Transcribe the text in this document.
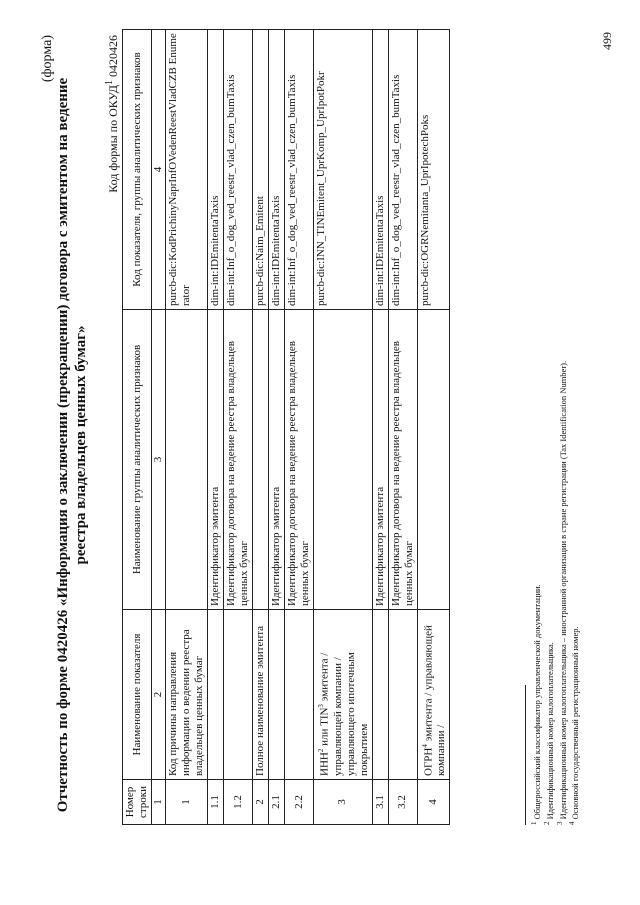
(форма)
Отчетность по форме 0420426 «Информация о заключении (прекращении) договора с эмитентом на ведение реестра владельцев ценных бумаг»
Код формы по ОКУД$^1$ 0420426
Номер строки	Наименование показателя	Наименование группы аналитических признаков	Код показателя, группы аналитических признаков
1	2	3	4
1	Код причины направления информации о ведении реестра владельцев ценных бумаг		purcb-dic:KodPrichinyNaprInfOVedenReestVladCZB Enumerator
1.1		Идентификатор эмитента	dim-int:IDEmitentaTaxis
1.2		Идентификатор договора на ведение реестра владельцев ценных бумаг	dim-int:Inf_o_dog_ved_reestr_vlad_czen_bumTaxis
2	Полное наименование эмитента		purcb-dic:Naim_Emitent
2.1		Идентификатор эмитента	dim-int:IDEmitentaTaxis
2.2		Идентификатор договора на ведение реестра владельцев ценных бумаг	dim-int:Inf_o_dog_ved_reestr_vlad_czen_bumTaxis
3	ИНН$^2$ или TIN$^3$ эмитента / управляющей компании / управляющего ипотечным покрытием		purcb-dic:INN_TINEmitent_UprKomp_UprIpotPokr
3.1		Идентификатор эмитента	dim-int:IDEmitentaTaxis
3.2		Идентификатор договора на ведение реестра владельцев ценных бумаг	dim-int:Inf_o_dog_ved_reestr_vlad_czen_bumTaxis
4	ОГРН$^4$ эмитента / управляющей компании /		purcb-dic:OGRNemitanta_UprIpotechPoks
$^1$ Общероссийский классификатор управленческой документации.
$^2$ Идентификационный номер налогоплательщика.
$^3$ Идентификационный номер налогоплательщика – иностранной организации в стране регистрации (Tax Identification Number).
$^4$ Основной государственный регистрационный номер.
499
